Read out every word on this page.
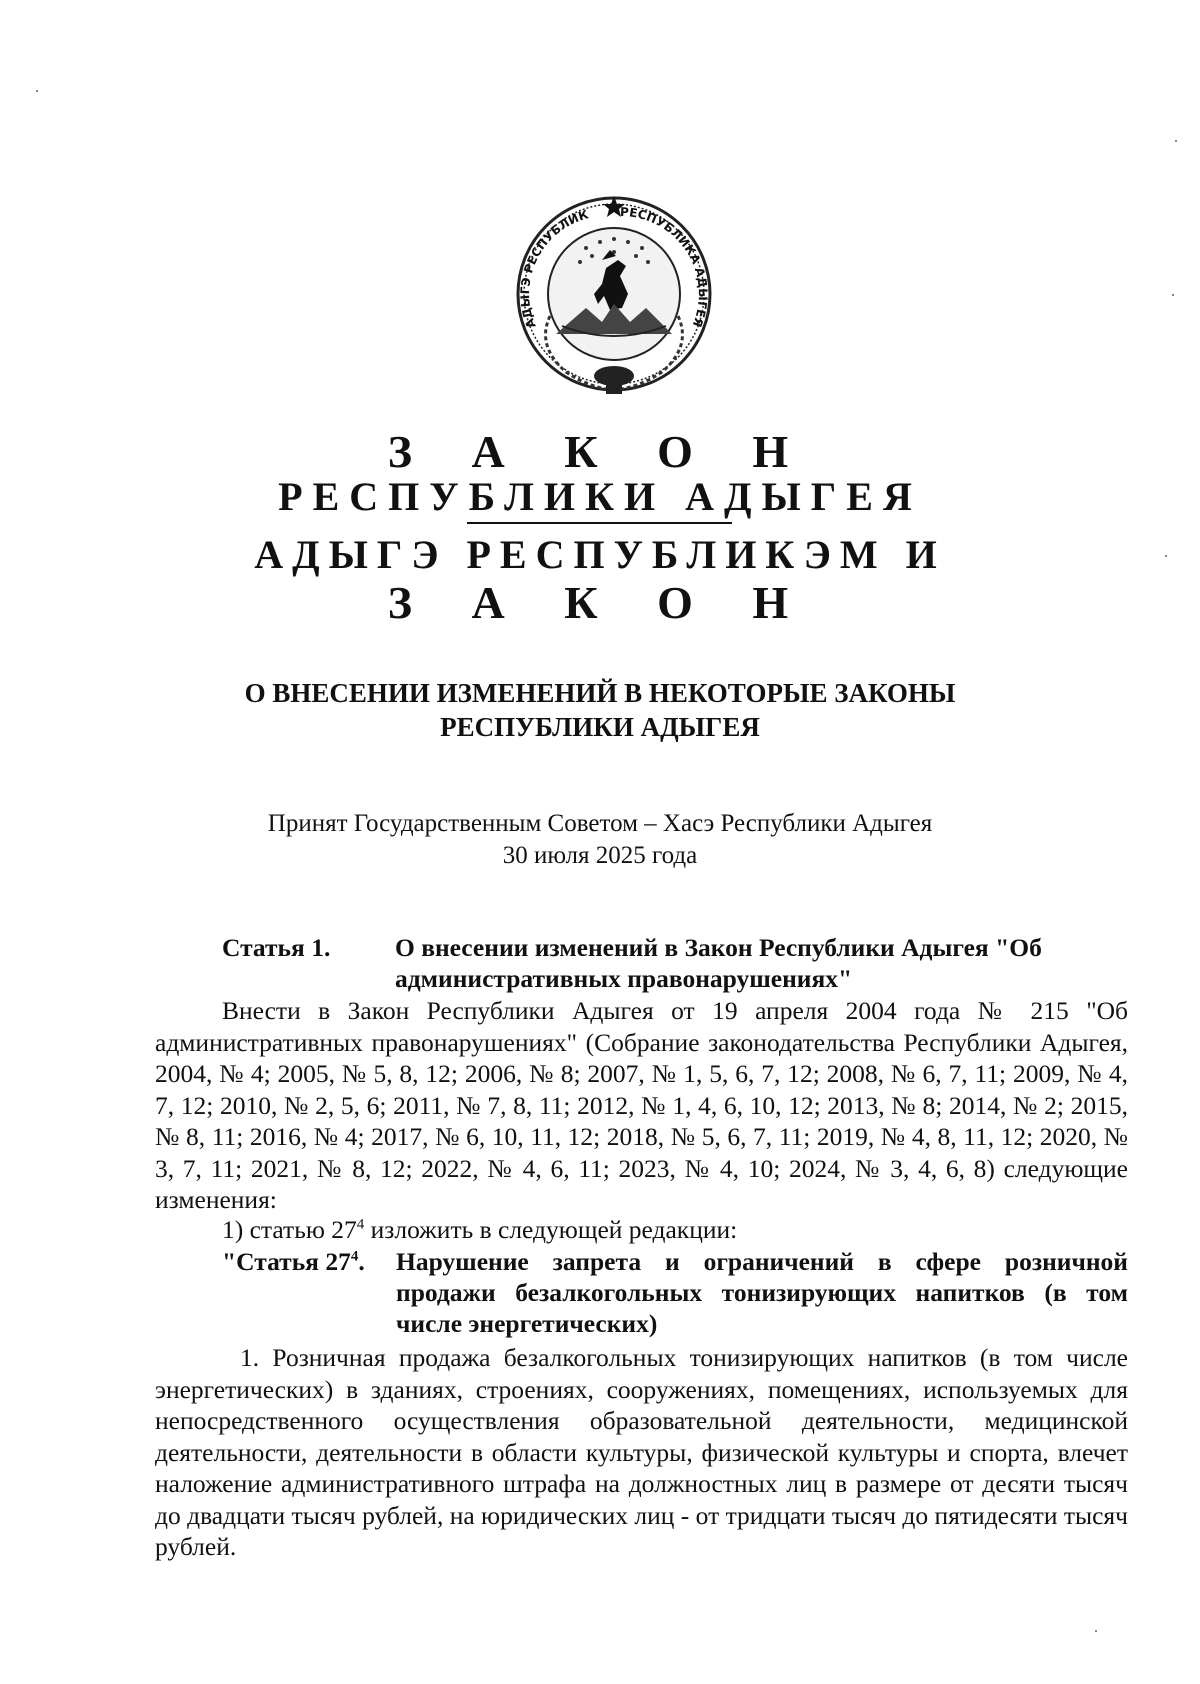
АДЫГЭ РЕСПУБЛИК РЕСПУБЛИКА АДЫГЕЯ
З А К О Н
РЕСПУБЛИКИ АДЫГЕЯ
АДЫГЭ РЕСПУБЛИКЭМ И
З А К О Н
О ВНЕСЕНИИ ИЗМЕНЕНИЙ В НЕКОТОРЫЕ ЗАКОНЫ
РЕСПУБЛИКИ АДЫГЕЯ
Принят Государственным Советом – Хасэ Республики Адыгея
30 июля 2025 года
Статья 1.	О внесении изменений в Закон Республики Адыгея "Об административных правонарушениях"
Внести в Закон Республики Адыгея от 19 апреля 2004 года № 215 "Об административных правонарушениях" (Собрание законодательства Республики Адыгея, 2004, № 4; 2005, № 5, 8, 12; 2006, № 8; 2007, № 1, 5, 6, 7, 12; 2008, № 6, 7, 11; 2009, № 4, 7, 12; 2010, № 2, 5, 6; 2011, № 7, 8, 11; 2012, № 1, 4, 6, 10, 12; 2013, № 8; 2014, № 2; 2015, № 8, 11; 2016, № 4; 2017, № 6, 10, 11, 12; 2018, № 5, 6, 7, 11; 2019, № 4, 8, 11, 12; 2020, № 3, 7, 11; 2021, № 8, 12; 2022, № 4, 6, 11; 2023, № 4, 10; 2024, № 3, 4, 6, 8) следующие изменения:
1) статью $27^4$ изложить в следующей редакции:
"Статья $27^4$.	Нарушение запрета и ограничений в сфере розничной продажи безалкогольных тонизирующих напитков (в том числе энергетических)
1. Розничная продажа безалкогольных тонизирующих напитков (в том числе энергетических) в зданиях, строениях, сооружениях, помещениях, используемых для непосредственного осуществления образовательной деятельности, медицинской деятельности, деятельности в области культуры, физической культуры и спорта, влечет наложение административного штрафа на должностных лиц в размере от десяти тысяч до двадцати тысяч рублей, на юридических лиц - от тридцати тысяч до пятидесяти тысяч рублей.
